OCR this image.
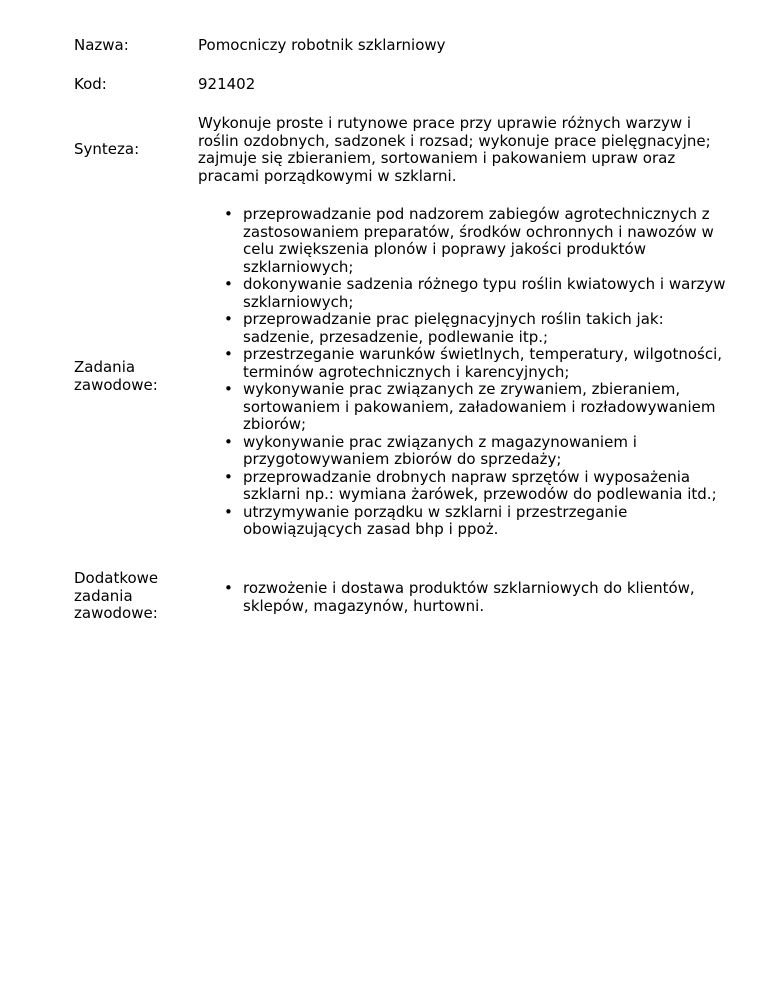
Nazwa:	Pomocniczy robotnik szklarniowy
Kod:	921402
Synteza:
Wykonuje proste i rutynowe prace przy uprawie różnych warzyw i roślin ozdobnych, sadzonek i rozsad; wykonuje prace pielęgnacyjne; zajmuje się zbieraniem, sortowaniem i pakowaniem upraw oraz pracami porządkowymi w szklarni.
Zadania zawodowe:
• przeprowadzanie pod nadzorem zabiegów agrotechnicznych z zastosowaniem preparatów, środków ochronnych i nawozów w celu zwiększenia plonów i poprawy jakości produktów szklarniowych;
• dokonywanie sadzenia różnego typu roślin kwiatowych i warzyw szklarniowych;
• przeprowadzanie prac pielęgnacyjnych roślin takich jak: sadzenie, przesadzenie, podlewanie itp.;
• przestrzeganie warunków świetlnych, temperatury, wilgotności, terminów agrotechnicznych i karencyjnych;
• wykonywanie prac związanych ze zrywaniem, zbieraniem, sortowaniem i pakowaniem, załadowaniem i rozładowywaniem zbiorów;
• wykonywanie prac związanych z magazynowaniem i przygotowywaniem zbiorów do sprzedaży;
• przeprowadzanie drobnych napraw sprzętów i wyposażenia szklarni np.: wymiana żarówek, przewodów do podlewania itd.;
• utrzymywanie porządku w szklarni i przestrzeganie obowiązujących zasad bhp i ppoż.
Dodatkowe zadania zawodowe:
• rozwożenie i dostawa produktów szklarniowych do klientów, sklepów, magazynów, hurtowni.
